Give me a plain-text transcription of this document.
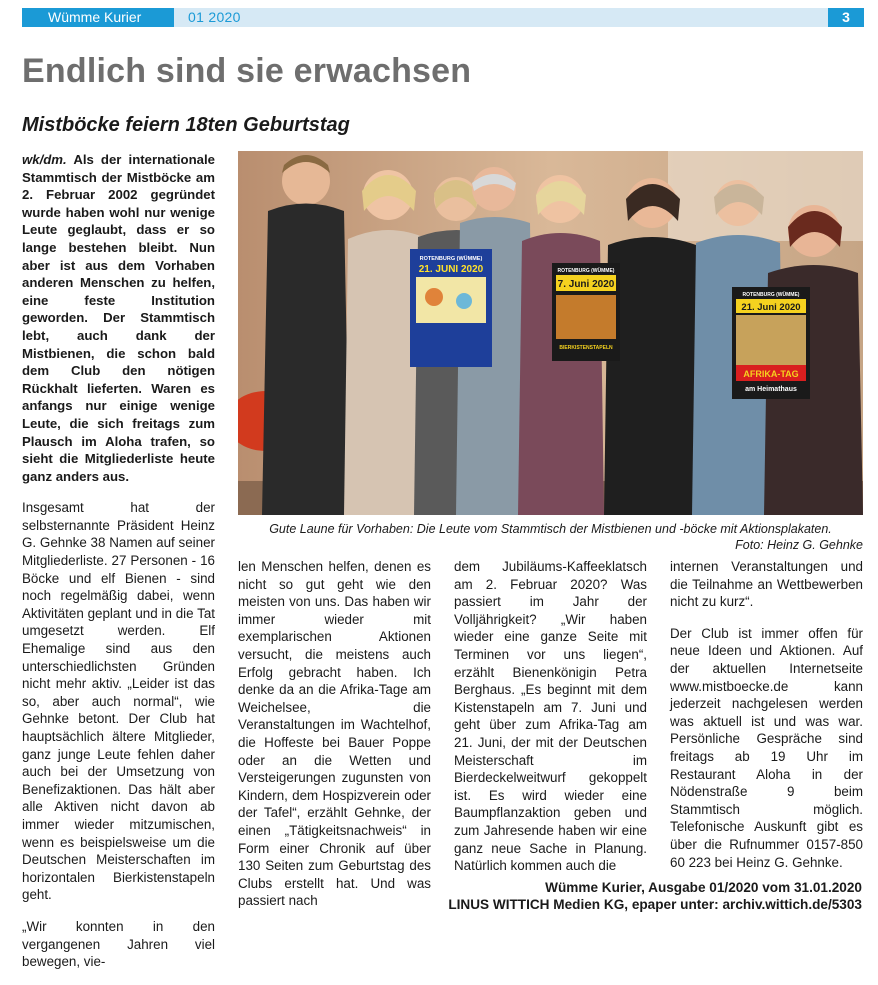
Wümme Kurier	01 2020	3
Endlich sind sie erwachsen
Mistböcke feiern 18ten Geburtstag

wk/dm. Als der internationale Stammtisch der Mistböcke am 2. Februar 2002 gegründet wurde haben wohl nur wenige Leute geglaubt, dass er so lange bestehen bleibt. Nun aber ist aus dem Vorhaben anderen Menschen zu helfen, eine feste Institution geworden. Der Stammtisch lebt, auch dank der Mistbienen, die schon bald dem Club den nötigen Rückhalt lieferten. Waren es anfangs nur einige wenige Leute, die sich freitags zum Plausch im Aloha trafen, so sieht die Mitgliederliste heute ganz anders aus.

Insgesamt hat der selbsternannte Präsident Heinz G. Gehnke 38 Namen auf seiner Mitgliederliste. 27 Personen - 16 Böcke und elf Bienen - sind noch regelmäßig dabei, wenn Aktivitäten geplant und in die Tat umgesetzt werden. Elf Ehemalige sind aus den unterschiedlichsten Gründen nicht mehr aktiv. „Leider ist das so, aber auch normal“, wie Gehnke betont. Der Club hat hauptsächlich ältere Mitglieder, ganz junge Leute fehlen daher auch bei der Umsetzung von Benefizaktionen. Das hält aber alle Aktiven nicht davon ab immer wieder mitzumischen, wenn es beispielsweise um die Deutschen Meisterschaften im horizontalen Bierkistenstapeln geht.

„Wir konnten in den vergangenen Jahren viel bewegen, vie-

ROTENBURG (WÜMME)
21. JUNI 2020	ROTENBURG (WÜMME)
7. Juni 2020
BIERKISTENSTAPELN
ROTENBURG (WÜMME)
21. Juni 2020
AFRIKA-TAG
am Heimathaus
Gute Laune für Vorhaben: Die Leute vom Stammtisch der Mistbienen und -böcke mit Aktionsplakaten.
Foto: Heinz G. Gehnke

len Menschen helfen, denen es nicht so gut geht wie den meisten von uns. Das haben wir immer wieder mit exemplarischen Aktionen versucht, die meistens auch Erfolg gebracht haben. Ich denke da an die Afrika-Tage am Weichelsee, die Veranstaltungen im Wachtelhof, die Hoffeste bei Bauer Poppe oder an die Wetten und Versteigerungen zugunsten von Kindern, dem Hospizverein oder der Tafel“, erzählt Gehnke, der einen „Tätigkeitsnachweis“ in Form einer Chronik auf über 130 Seiten zum Geburtstag des Clubs erstellt hat. Und was passiert nach

dem Jubiläums-Kaffeeklatsch am 2. Februar 2020? Was passiert im Jahr der Volljährigkeit? „Wir haben wieder eine ganze Seite mit Terminen vor uns liegen“, erzählt Bienenkönigin Petra Berghaus. „Es beginnt mit dem Kistenstapeln am 7. Juni und geht über zum Afrika-Tag am 21. Juni, der mit der Deutschen Meisterschaft im Bierdeckelweitwurf gekoppelt ist. Es wird wieder eine Baumpflanzaktion geben und zum Jahresende haben wir eine ganz neue Sache in Planung. Natürlich kommen auch die

internen Veranstaltungen und die Teilnahme an Wettbewerben nicht zu kurz“.

Der Club ist immer offen für neue Ideen und Aktionen. Auf der aktuellen Internetseite www.mistboecke.de kann jederzeit nachgelesen werden was aktuell ist und was war. Persönliche Gespräche sind freitags ab 19 Uhr im Restaurant Aloha in der Nödenstraße 9 beim Stammtisch möglich. Telefonische Auskunft gibt es über die Rufnummer 0157-850 60 223 bei Heinz G. Gehnke.

Wümme Kurier, Ausgabe 01/2020 vom 31.01.2020
LINUS WITTICH Medien KG, epaper unter: archiv.wittich.de/5303
